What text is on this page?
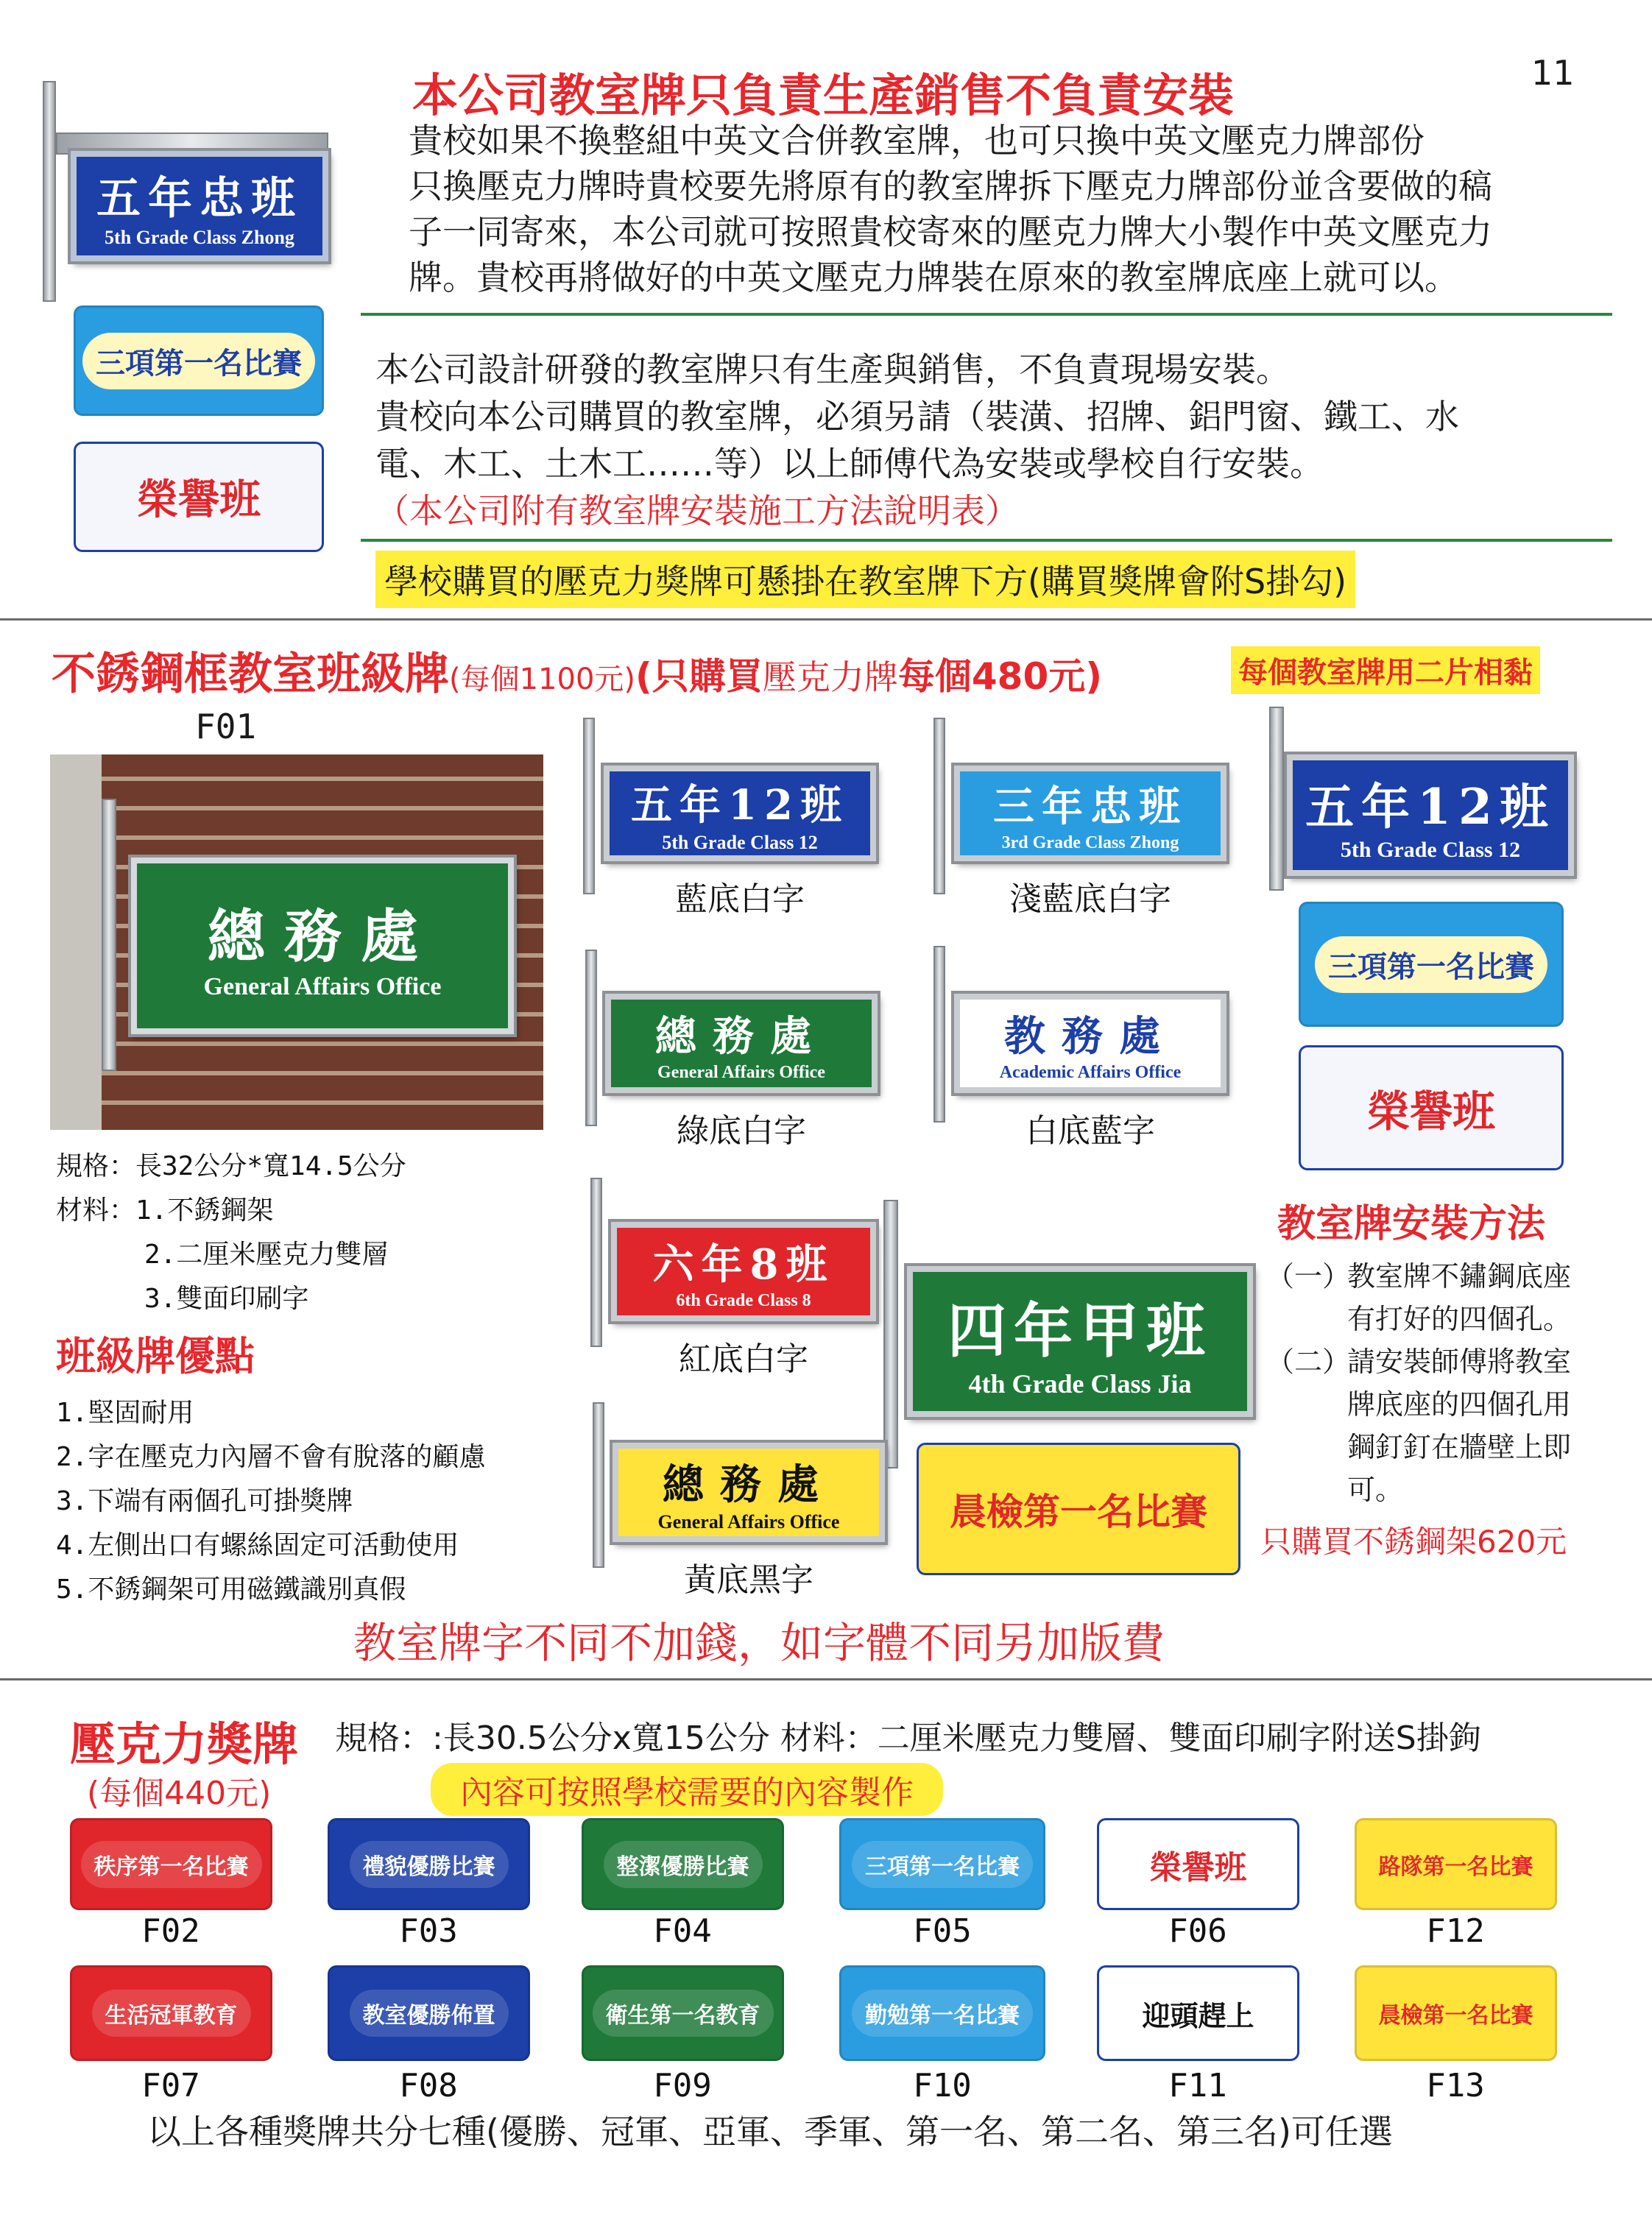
11
五年忠班
5th Grade Class Zhong
三項第一名比賽
榮譽班
本公司教室牌只負責生產銷售不負責安裝
貴校如果不換整組中英文合併教室牌，也可只換中英文壓克力牌部份
只換壓克力牌時貴校要先將原有的教室牌拆下壓克力牌部份並含要做的稿
子一同寄來，本公司就可按照貴校寄來的壓克力牌大小製作中英文壓克力
牌。貴校再將做好的中英文壓克力牌裝在原來的教室牌底座上就可以。
本公司設計研發的教室牌只有生產與銷售，不負責現場安裝。
貴校向本公司購買的教室牌，必須另請（裝潢、招牌、鋁門窗、鐵工、水
電、木工、土木工……等）以上師傅代為安裝或學校自行安裝。
（本公司附有教室牌安裝施工方法說明表）
學校購買的壓克力獎牌可懸掛在教室牌下方(購買獎牌會附S掛勾)
不銹鋼框教室班級牌(每個1100元)(只購買壓克力牌每個480元)	每個教室牌用二片相黏
F01
總務處
General Affairs Office
五年12班
5th Grade Class 12
藍底白字
三年忠班
3rd Grade Class Zhong
淺藍底白字
五年12班
5th Grade Class 12
三項第一名比賽
榮譽班
總務處
General Affairs Office
綠底白字
教務處
Academic Affairs Office
白底藍字
規格：長32公分*寬14.5公分
材料：1.不銹鋼架
2.二厘米壓克力雙層
3.雙面印刷字
班級牌優點
1.堅固耐用
2.字在壓克力內層不會有脫落的顧慮
3.下端有兩個孔可掛獎牌
4.左側出口有螺絲固定可活動使用
5.不銹鋼架可用磁鐵識別真假
六年8班
6th Grade Class 8
紅底白字	四年甲班
4th Grade Class Jia
晨檢第一名比賽
總務處
General Affairs Office
黃底黑字
教室牌安裝方法
（一）
教室牌不鏽鋼底座
有打好的四個孔。
（二）
請安裝師傅將教室
牌底座的四個孔用
鋼釘釘在牆壁上即
可。
只購買不銹鋼架620元
教室牌字不同不加錢，如字體不同另加版費
壓克力獎牌
(每個440元)
規格：:長30.5公分x寬15公分 材料：二厘米壓克力雙層、雙面印刷字附送S掛鉤
內容可按照學校需要的內容製作
秩序第一名比賽
F02
禮貌優勝比賽
F03
整潔優勝比賽
F04
三項第一名比賽
F05
榮譽班
F06
路隊第一名比賽
F12
生活冠軍教育
F07
教室優勝佈置
F08
衛生第一名教育
F09
勤勉第一名比賽
F10
迎頭趕上
F11
晨檢第一名比賽
F13
以上各種獎牌共分七種(優勝、冠軍、亞軍、季軍、第一名、第二名、第三名)可任選
